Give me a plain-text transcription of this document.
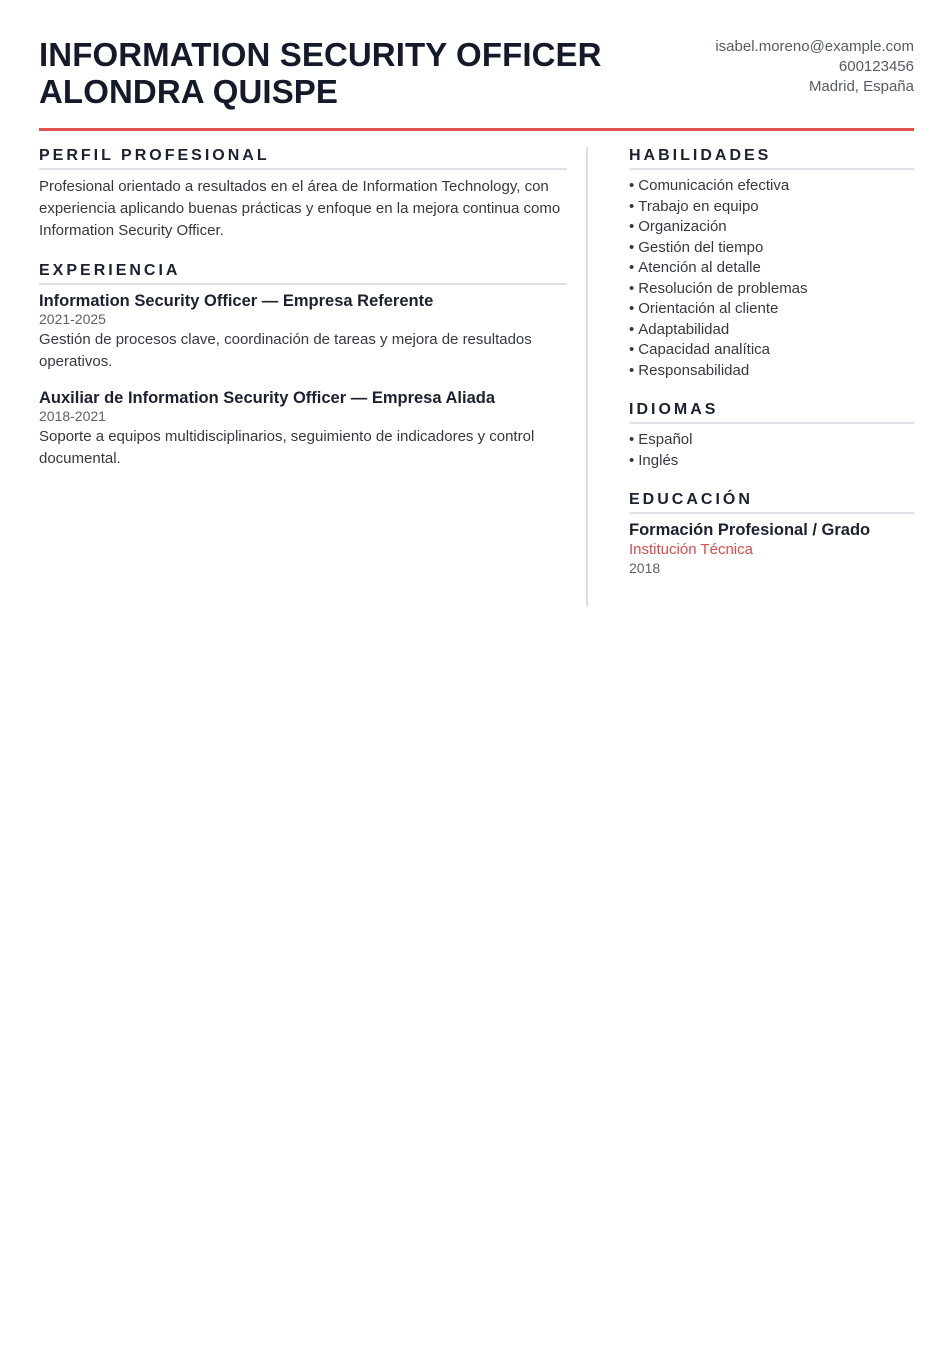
INFORMATION SECURITY OFFICER
ALONDRA QUISPE
isabel.moreno@example.com
600123456
Madrid, España
PERFIL PROFESIONAL

Profesional orientado a resultados en el área de Information Technology, con experiencia aplicando buenas prácticas y enfoque en la mejora continua como Information Security Officer.

EXPERIENCIA
Information Security Officer — Empresa Referente
2021-2025
Gestión de procesos clave, coordinación de tareas y mejora de resultados operativos.
Auxiliar de Information Security Officer — Empresa Aliada
2018-2021
Soporte a equipos multidisciplinarios, seguimiento de indicadores y control documental.
HABILIDADES
• Comunicación efectiva
• Trabajo en equipo
• Organización
• Gestión del tiempo
• Atención al detalle
• Resolución de problemas
• Orientación al cliente
• Adaptabilidad
• Capacidad analítica
• Responsabilidad
IDIOMAS
• Español
• Inglés
EDUCACIÓN
Formación Profesional / Grado
Institución Técnica
2018
